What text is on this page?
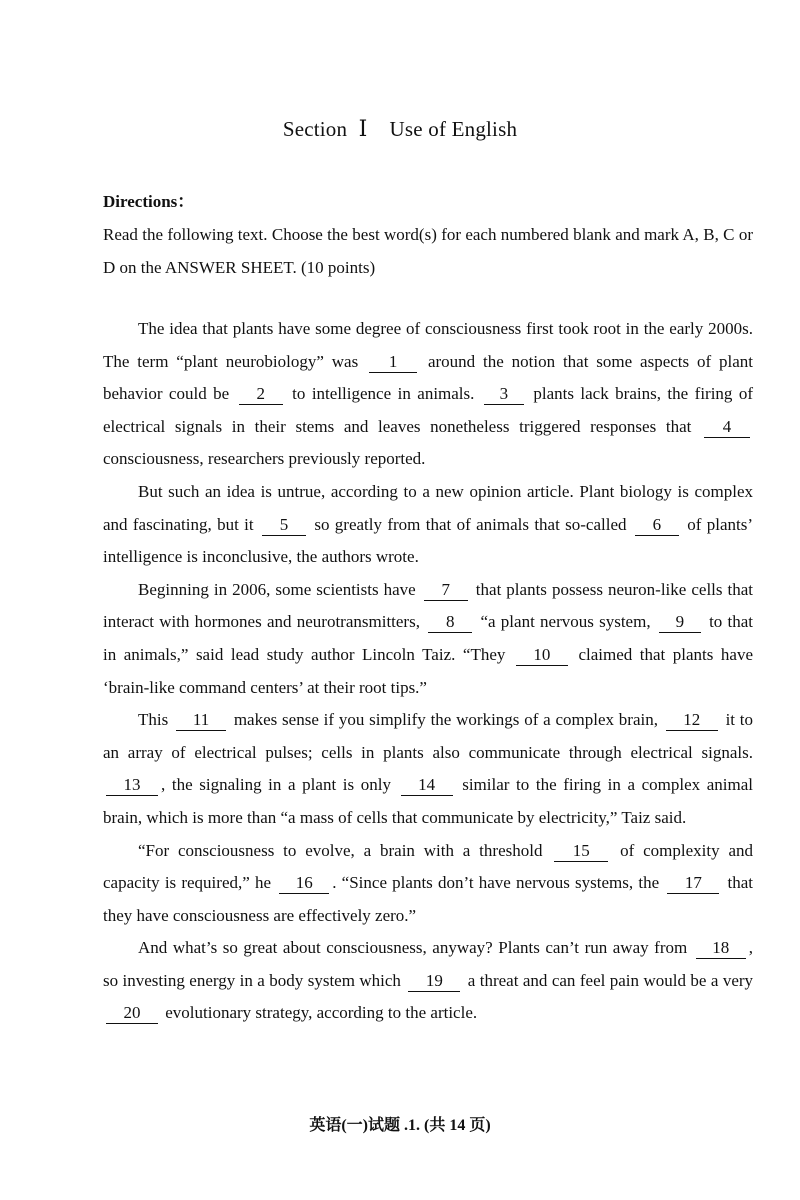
Section Ⅰ Use of English
Directions：
Read the following text. Choose the best word(s) for each numbered blank and mark A, B, C or D on the ANSWER SHEET. (10 points)

The idea that plants have some degree of consciousness first took root in the early 2000s. The term “plant neurobiology” was 1 around the notion that some aspects of plant behavior could be 2 to intelligence in animals. 3 plants lack brains, the firing of electrical signals in their stems and leaves nonetheless triggered responses that 4 consciousness, researchers previously reported.

But such an idea is untrue, according to a new opinion article. Plant biology is complex and fascinating, but it 5 so greatly from that of animals that so-called 6 of plants’ intelligence is inconclusive, the authors wrote.

Beginning in 2006, some scientists have 7 that plants possess neuron-like cells that interact with hormones and neurotransmitters, 8 “a plant nervous system, 9 to that in animals,” said lead study author Lincoln Taiz. “They 10 claimed that plants have ‘brain-like command centers’ at their root tips.”

This 11 makes sense if you simplify the workings of a complex brain, 12 it to an array of electrical pulses; cells in plants also communicate through electrical signals. 13 , the signaling in a plant is only 14 similar to the firing in a complex animal brain, which is more than “a mass of cells that communicate by electricity,” Taiz said.

“For consciousness to evolve, a brain with a threshold 15 of complexity and capacity is required,” he 16 . “Since plants don’t have nervous systems, the 17 that they have consciousness are effectively zero.”

And what’s so great about consciousness, anyway? Plants can’t run away from 18 , so investing energy in a body system which 19 a threat and can feel pain would be a very 20 evolutionary strategy, according to the article.

英语(一)试题 .1. (共 14 页)
